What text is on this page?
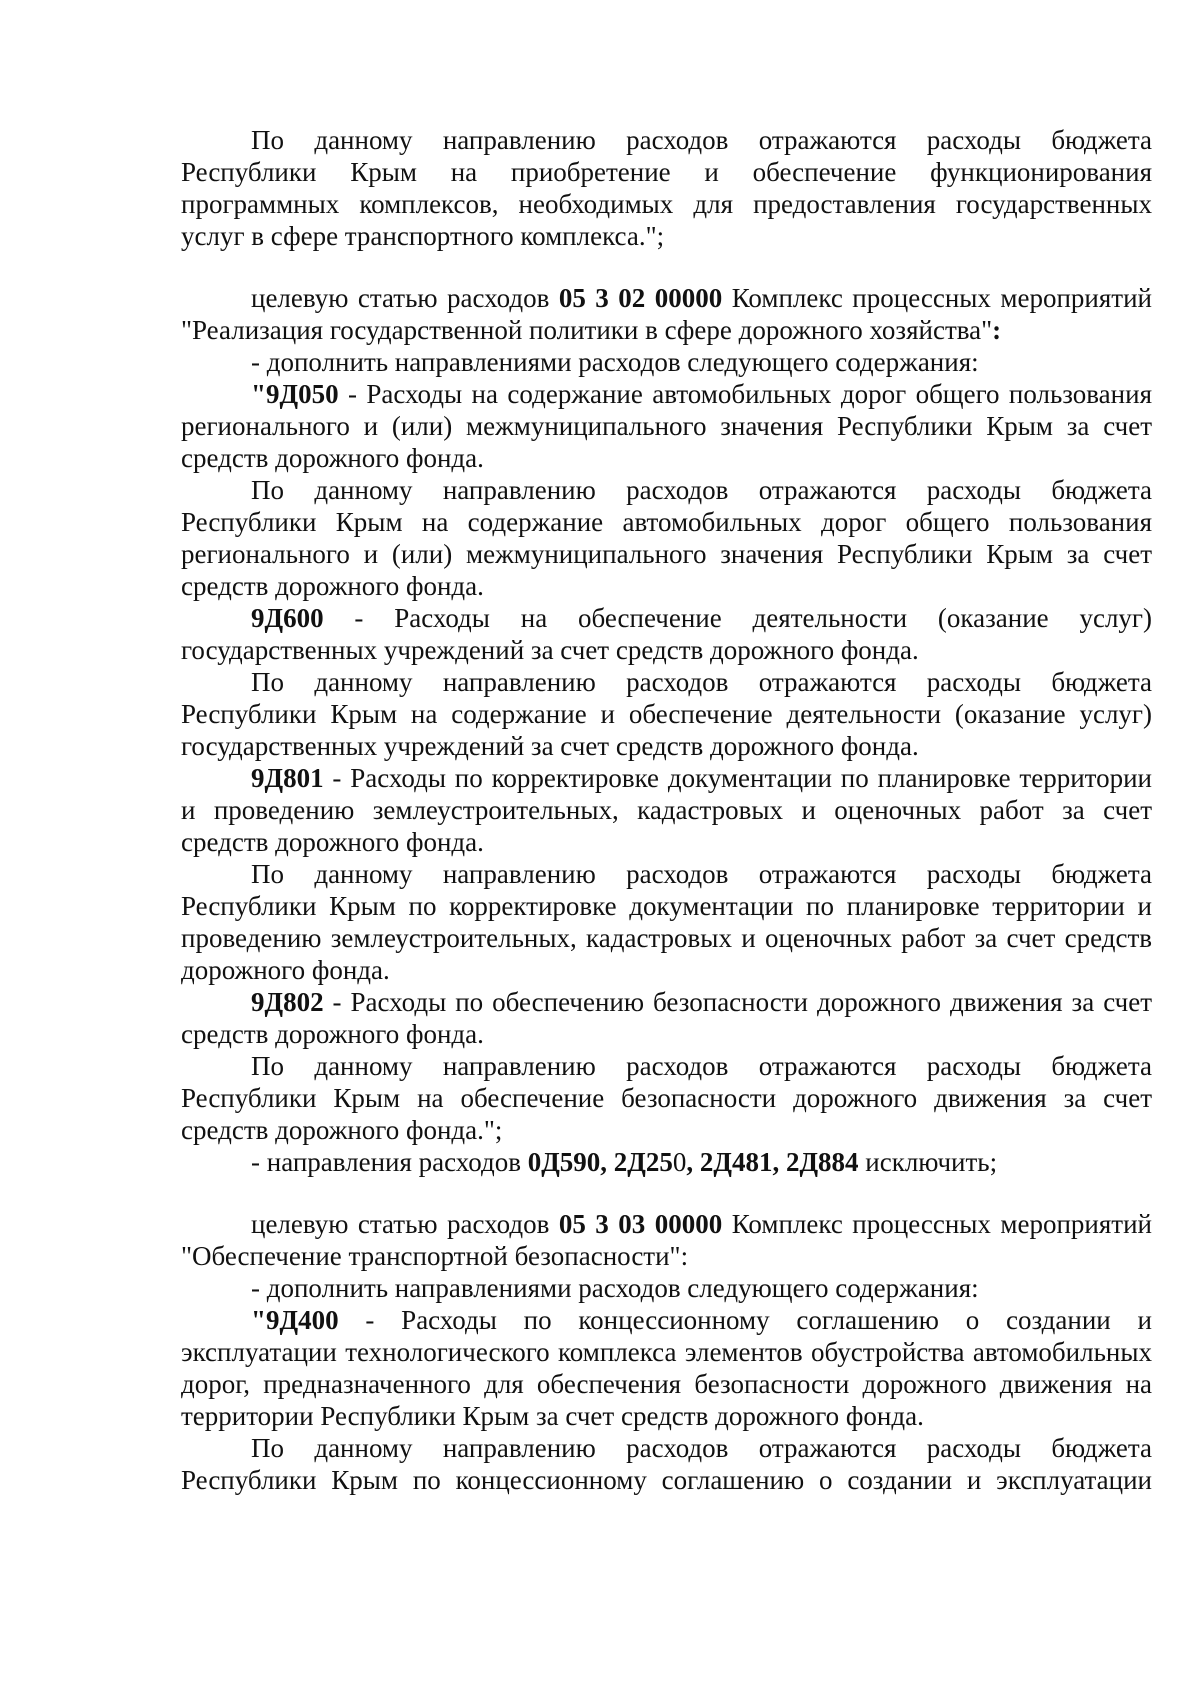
По данному направлению расходов отражаются расходы бюджета Республики Крым на приобретение и обеспечение функционирования программных комплексов, необходимых для предоставления государственных услуг в сфере транспортного комплекса.";

целевую статью расходов 05 3 02 00000 Комплекс процессных мероприятий "Реализация государственной политики в сфере дорожного хозяйства":

- дополнить направлениями расходов следующего содержания:

"9Д050 - Расходы на содержание автомобильных дорог общего пользования регионального и (или) межмуниципального значения Республики Крым за счет средств дорожного фонда.

По данному направлению расходов отражаются расходы бюджета Республики Крым на содержание автомобильных дорог общего пользования регионального и (или) межмуниципального значения Республики Крым за счет средств дорожного фонда.

9Д600 - Расходы на обеспечение деятельности (оказание услуг) государственных учреждений за счет средств дорожного фонда.

По данному направлению расходов отражаются расходы бюджета Республики Крым на содержание и обеспечение деятельности (оказание услуг) государственных учреждений за счет средств дорожного фонда.

9Д801 - Расходы по корректировке документации по планировке территории и проведению землеустроительных, кадастровых и оценочных работ за счет средств дорожного фонда.

По данному направлению расходов отражаются расходы бюджета Республики Крым по корректировке документации по планировке территории и проведению землеустроительных, кадастровых и оценочных работ за счет средств дорожного фонда.

9Д802 - Расходы по обеспечению безопасности дорожного движения за счет средств дорожного фонда.

По данному направлению расходов отражаются расходы бюджета Республики Крым на обеспечение безопасности дорожного движения за счет средств дорожного фонда.";

- направления расходов 0Д590, 2Д250, 2Д481, 2Д884 исключить;

целевую статью расходов 05 3 03 00000 Комплекс процессных мероприятий "Обеспечение транспортной безопасности":

- дополнить направлениями расходов следующего содержания:

"9Д400 - Расходы по концессионному соглашению о создании и эксплуатации технологического комплекса элементов обустройства автомобильных дорог, предназначенного для обеспечения безопасности дорожного движения на территории Республики Крым за счет средств дорожного фонда.

По данному направлению расходов отражаются расходы бюджета Республики Крым по концессионному соглашению о создании и эксплуатации
